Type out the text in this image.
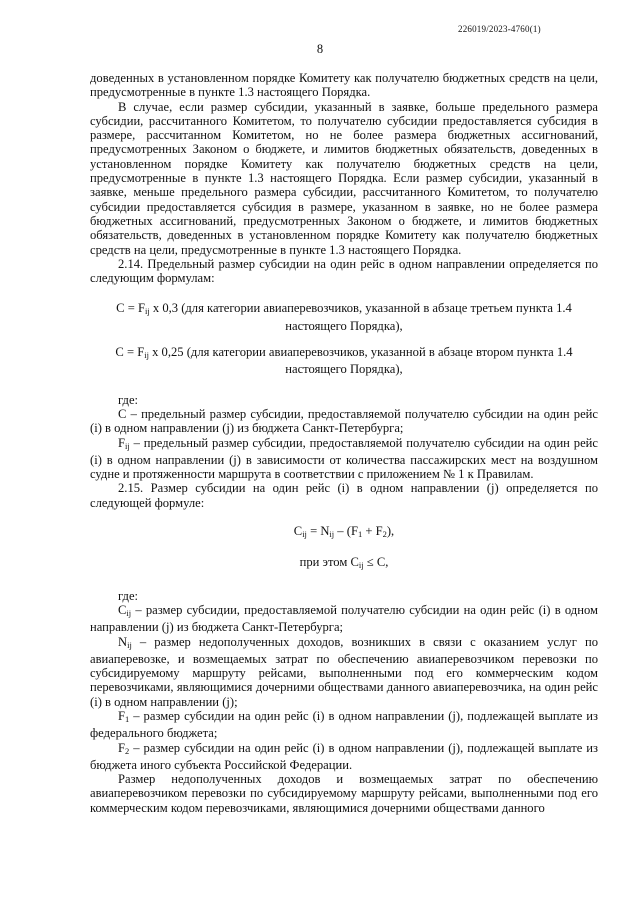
226019/2023-4760(1)
8

доведенных в установленном порядке Комитету как получателю бюджетных средств на цели, предусмотренные в пункте 1.3 настоящего Порядка.

В случае, если размер субсидии, указанный в заявке, больше предельного размера субсидии, рассчитанного Комитетом, то получателю субсидии предоставляется субсидия в размере, рассчитанном Комитетом, но не более размера бюджетных ассигнований, предусмотренных Законом о бюджете, и лимитов бюджетных обязательств, доведенных в установленном порядке Комитету как получателю бюджетных средств на цели, предусмотренные в пункте 1.3 настоящего Порядка. Если размер субсидии, указанный в заявке, меньше предельного размера субсидии, рассчитанного Комитетом, то получателю субсидии предоставляется субсидия в размере, указанном в заявке, но не более размера бюджетных ассигнований, предусмотренных Законом о бюджете, и лимитов бюджетных обязательств, доведенных в установленном порядке Комитету как получателю бюджетных средств на цели, предусмотренные в пункте 1.3 настоящего Порядка.

2.14. Предельный размер субсидии на один рейс в одном направлении определяется по следующим формулам:

$С = F_{ij}$ х 0,3 (для категории авиаперевозчиков, указанной в абзаце третьем пункта 1.4

настоящего Порядка),

$С = F_{ij}$ х 0,25 (для категории авиаперевозчиков, указанной в абзаце втором пункта 1.4

настоящего Порядка),

где:

С – предельный размер субсидии, предоставляемой получателю субсидии на один рейс (i) в одном направлении (j) из бюджета Санкт-Петербурга;

$F_{ij}$ – предельный размер субсидии, предоставляемой получателю субсидии на один рейс (i) в одном направлении (j) в зависимости от количества пассажирских мест на воздушном судне и протяженности маршрута в соответствии с приложением № 1 к Правилам.

2.15. Размер субсидии на один рейс (i) в одном направлении (j) определяется по следующей формуле:

$C_{ij} = N_{ij} - (F_1 + F_2)$,

при этом $C_{ij} \le C$,

где:

$C_{ij}$ – размер субсидии, предоставляемой получателю субсидии на один рейс (i) в одном направлении (j) из бюджета Санкт-Петербурга;

$N_{ij}$ – размер недополученных доходов, возникших в связи с оказанием услуг по авиаперевозке, и возмещаемых затрат по обеспечению авиаперевозчиком перевозки по субсидируемому маршруту рейсами, выполненными под его коммерческим кодом перевозчиками, являющимися дочерними обществами данного авиаперевозчика, на один рейс (i) в одном направлении (j);

$F_1$ – размер субсидии на один рейс (i) в одном направлении (j), подлежащей выплате из федерального бюджета;

$F_2$ – размер субсидии на один рейс (i) в одном направлении (j), подлежащей выплате из бюджета иного субъекта Российской Федерации.

Размер недополученных доходов и возмещаемых затрат по обеспечению авиаперевозчиком перевозки по субсидируемому маршруту рейсами, выполненными под его коммерческим кодом перевозчиками, являющимися дочерними обществами данного
